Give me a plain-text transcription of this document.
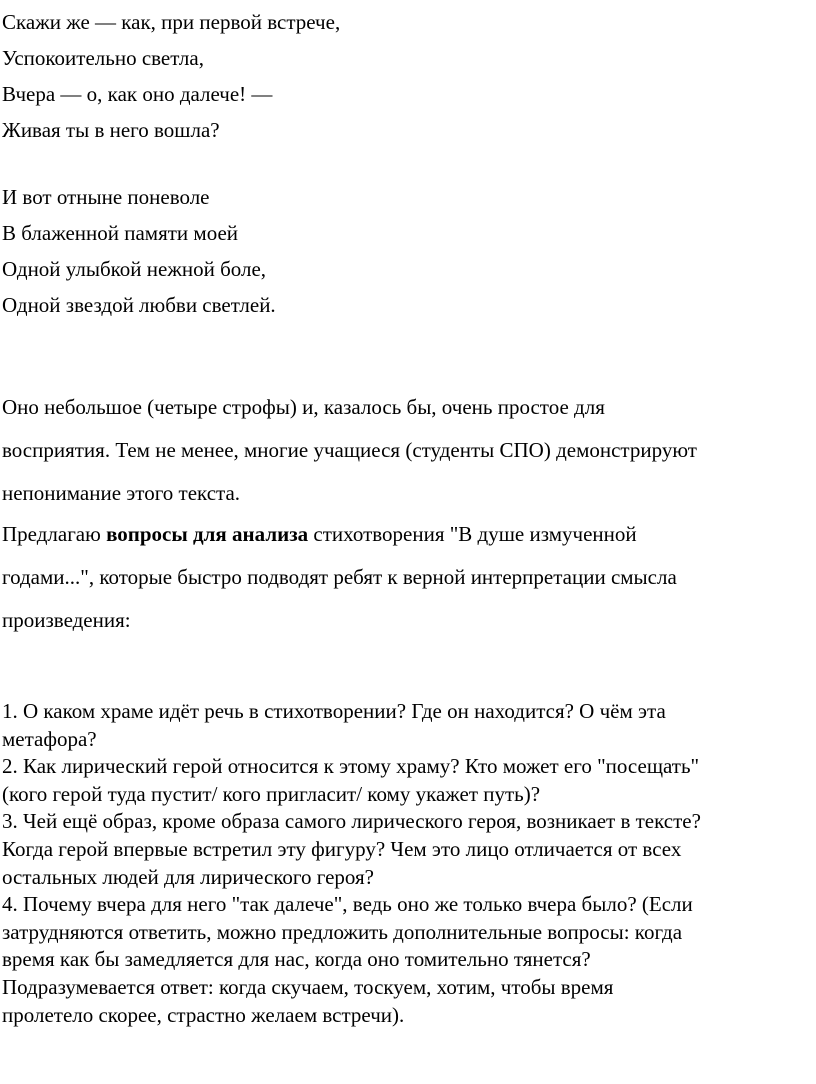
Скажи же — как, при первой встрече,
Успокоительно светла,
Вчера — о, как оно далече! —
Живая ты в него вошла?
И вот отныне поневоле
В блаженной памяти моей
Одной улыбкой нежной боле,
Одной звездой любви светлей.
Оно небольшое (четыре строфы) и, казалось бы, очень простое для
восприятия. Тем не менее, многие учащиеся (студенты СПО) демонстрируют
непонимание этого текста.
Предлагаю вопросы для анализа стихотворения "В душе измученной
годами...", которые быстро подводят ребят к верной интерпретации смысла
произведения:
1. О каком храме идёт речь в стихотворении? Где он находится? О чём эта
метафора?
2. Как лирический герой относится к этому храму? Кто может его "посещать"
(кого герой туда пустит/ кого пригласит/ кому укажет путь)?
3. Чей ещё образ, кроме образа самого лирического героя, возникает в тексте?
Когда герой впервые встретил эту фигуру? Чем это лицо отличается от всех
остальных людей для лирического героя?
4. Почему вчера для него "так далече", ведь оно же только вчера было? (Если
затрудняются ответить, можно предложить дополнительные вопросы: когда
время как бы замедляется для нас, когда оно томительно тянется?
Подразумевается ответ: когда скучаем, тоскуем, хотим, чтобы время
пролетело скорее, страстно желаем встречи).
